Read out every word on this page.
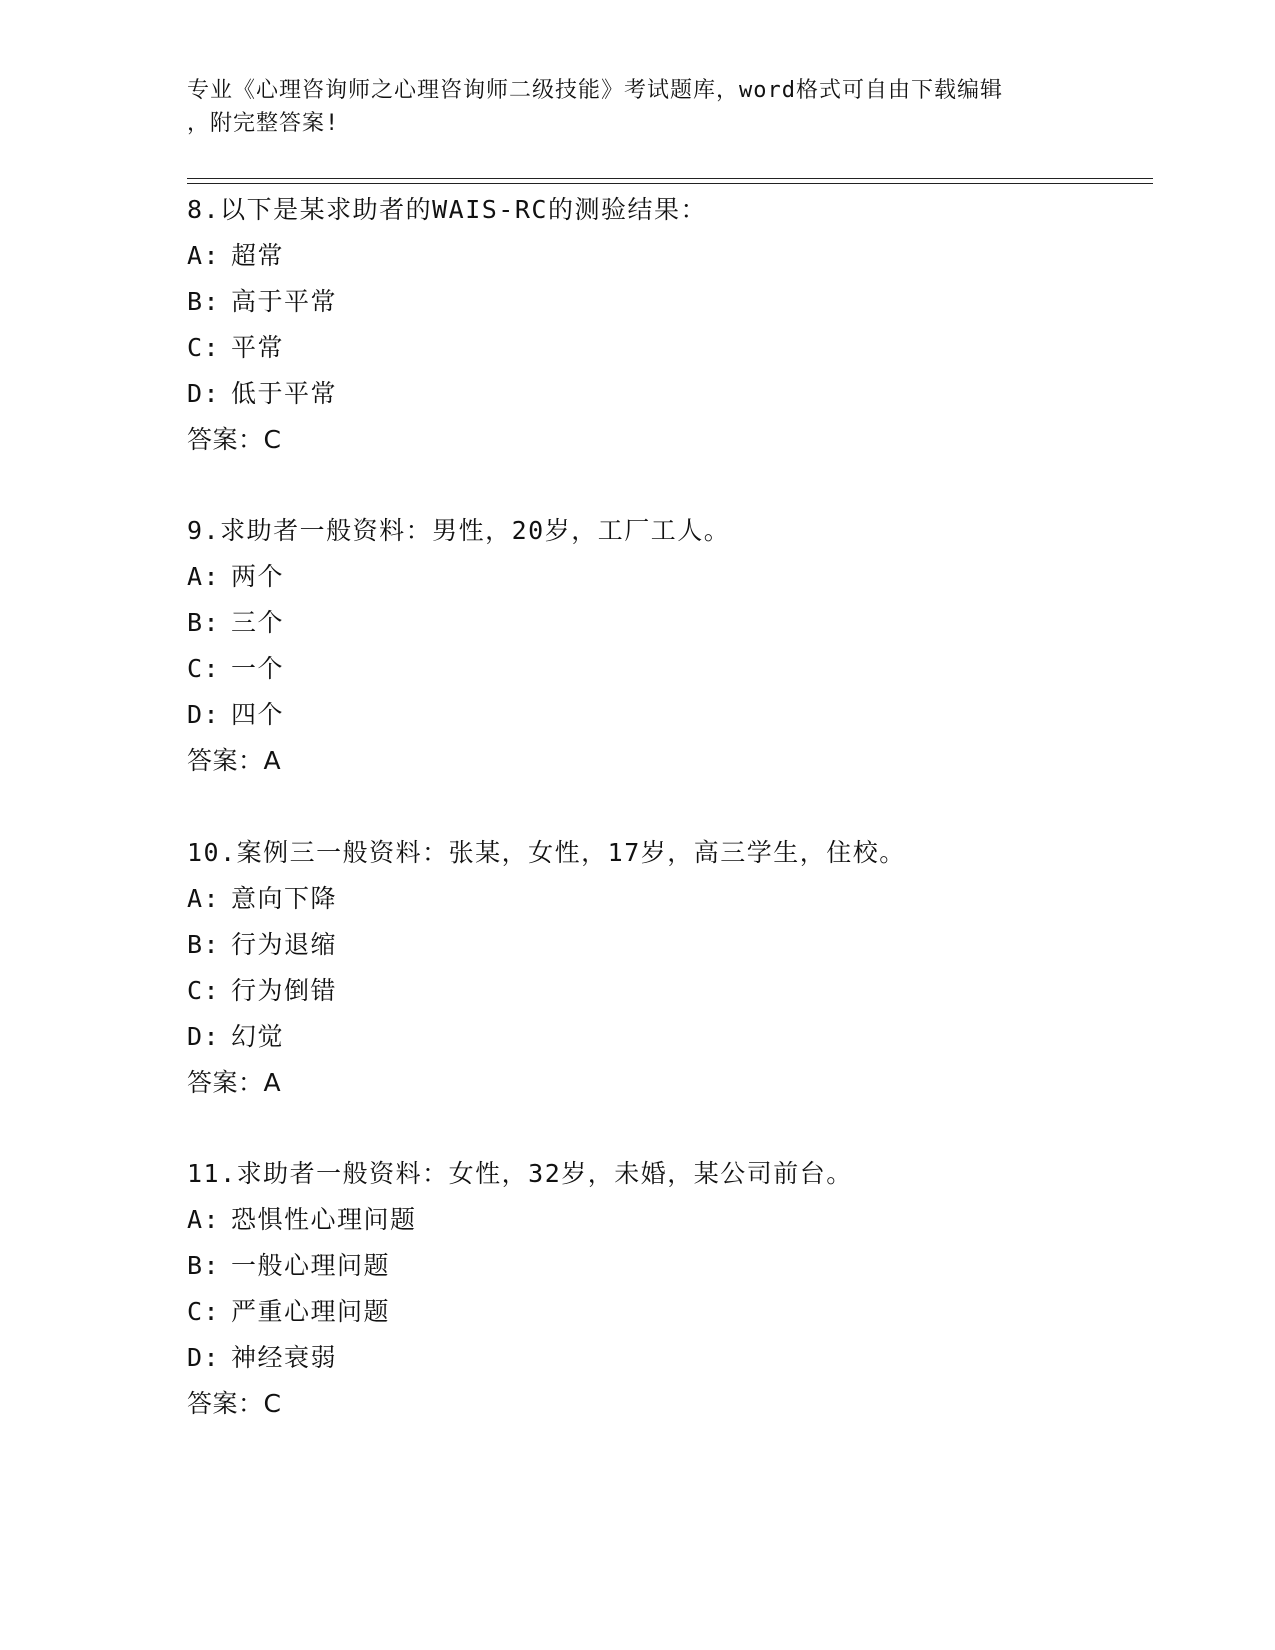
专业《心理咨询师之心理咨询师二级技能》考试题库，word格式可自由下载编辑
，附完整答案!
8.以下是某求助者的WAIS-RC的测验结果：
A: 超常
B: 高于平常
C: 平常
D: 低于平常
答案：C
9.求助者一般资料：男性，20岁，工厂工人。
A: 两个
B: 三个
C: 一个
D: 四个
答案：A
10.案例三一般资料：张某，女性，17岁，高三学生，住校。
A: 意向下降
B: 行为退缩
C: 行为倒错
D: 幻觉
答案：A
11.求助者一般资料：女性，32岁，未婚，某公司前台。
A: 恐惧性心理问题
B: 一般心理问题
C: 严重心理问题
D: 神经衰弱
答案：C
